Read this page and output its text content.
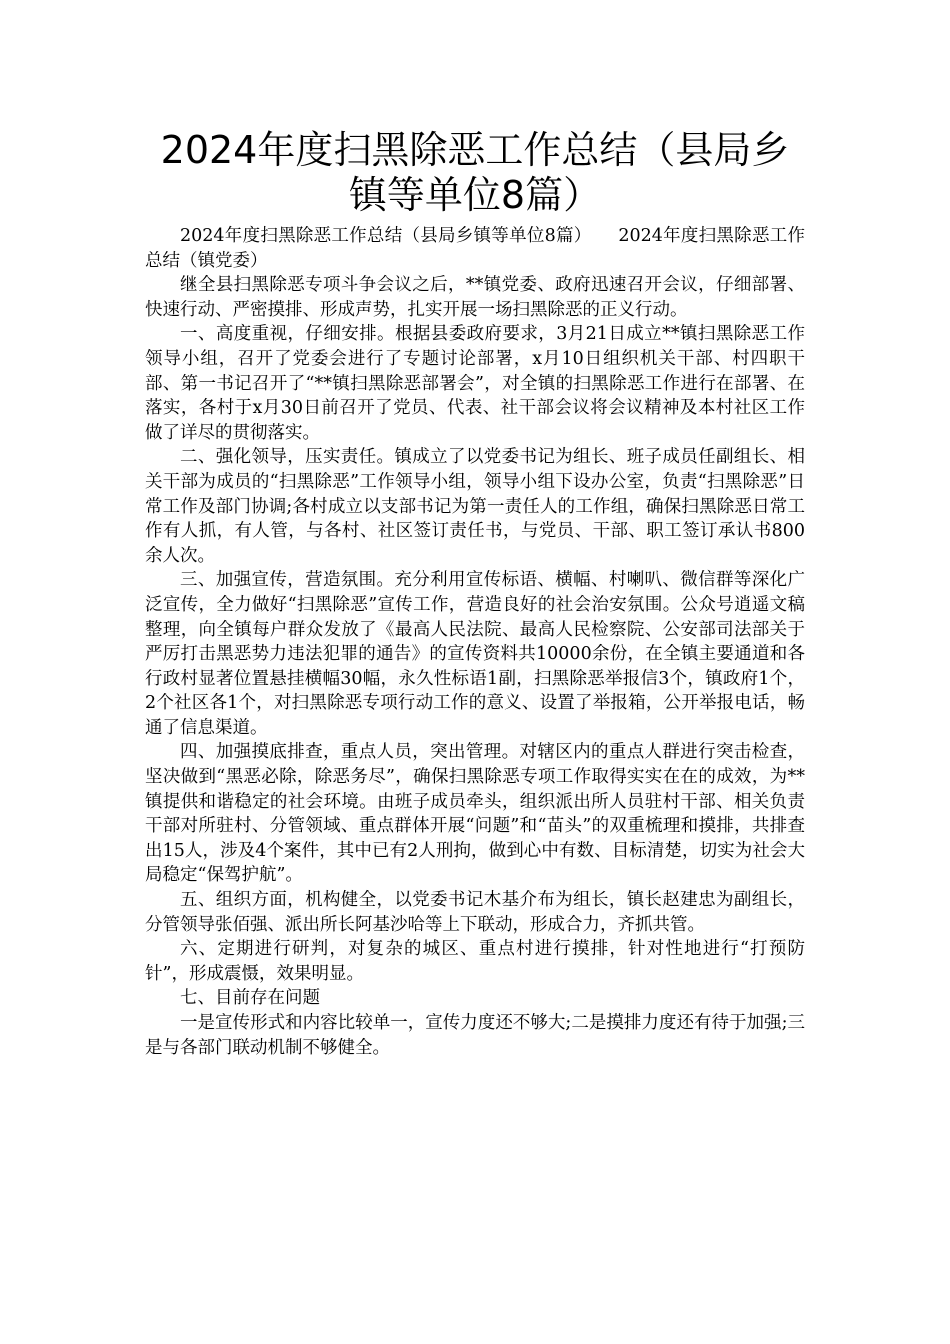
2024年度扫黑除恶工作总结（县局乡镇等单位8篇）

2024年度扫黑除恶工作总结（县局乡镇等单位8篇）　　2024年度扫黑除恶工作总结（镇党委）

继全县扫黑除恶专项斗争会议之后，**镇党委、政府迅速召开会议，仔细部署、快速行动、严密摸排、形成声势，扎实开展一场扫黑除恶的正义行动。

一、高度重视，仔细安排。根据县委政府要求，3月21日成立**镇扫黑除恶工作领导小组，召开了党委会进行了专题讨论部署，x月10日组织机关干部、村四职干部、第一书记召开了“**镇扫黑除恶部署会”，对全镇的扫黑除恶工作进行在部署、在落实，各村于x月30日前召开了党员、代表、社干部会议将会议精神及本村社区工作做了详尽的贯彻落实。

二、强化领导，压实责任。镇成立了以党委书记为组长、班子成员任副组长、相关干部为成员的“扫黑除恶”工作领导小组，领导小组下设办公室，负责“扫黑除恶”日常工作及部门协调;各村成立以支部书记为第一责任人的工作组，确保扫黑除恶日常工作有人抓，有人管，与各村、社区签订责任书，与党员、干部、职工签订承认书800余人次。

三、加强宣传，营造氛围。充分利用宣传标语、横幅、村喇叭、微信群等深化广泛宣传，全力做好“扫黑除恶”宣传工作，营造良好的社会治安氛围。公众号逍遥文稿整理，向全镇每户群众发放了《最高人民法院、最高人民检察院、公安部司法部关于严厉打击黑恶势力违法犯罪的通告》的宣传资料共10000余份，在全镇主要通道和各行政村显著位置悬挂横幅30幅，永久性标语1副，扫黑除恶举报信3个，镇政府1个，2个社区各1个，对扫黑除恶专项行动工作的意义、设置了举报箱，公开举报电话，畅通了信息渠道。

四、加强摸底排查，重点人员，突出管理。对辖区内的重点人群进行突击检查，坚决做到“黑恶必除，除恶务尽”，确保扫黑除恶专项工作取得实实在在的成效，为**镇提供和谐稳定的社会环境。由班子成员牵头，组织派出所人员驻村干部、相关负责干部对所驻村、分管领域、重点群体开展“问题”和“苗头”的双重梳理和摸排，共排查出15人，涉及4个案件，其中已有2人刑拘，做到心中有数、目标清楚，切实为社会大局稳定“保驾护航”。

五、组织方面，机构健全，以党委书记木基介布为组长，镇长赵建忠为副组长，分管领导张佰强、派出所长阿基沙哈等上下联动，形成合力，齐抓共管。

六、定期进行研判，对复杂的城区、重点村进行摸排，针对性地进行“打预防针”，形成震慑，效果明显。

七、目前存在问题

一是宣传形式和内容比较单一，宣传力度还不够大;二是摸排力度还有待于加强;三是与各部门联动机制不够健全。
